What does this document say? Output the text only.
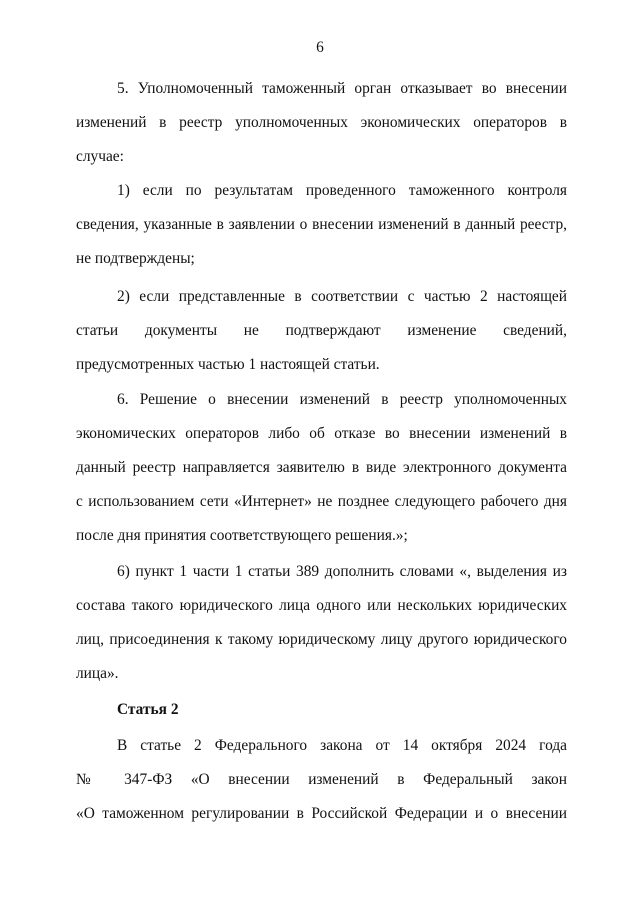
6
5. Уполномоченный таможенный орган отказывает во внесении
изменений в реестр уполномоченных экономических операторов в
случае:
1) если по результатам проведенного таможенного контроля
сведения, указанные в заявлении о внесении изменений в данный реестр,
не подтверждены;
2) если представленные в соответствии с частью 2 настоящей
статьи документы не подтверждают изменение сведений,
предусмотренных частью 1 настоящей статьи.
6. Решение о внесении изменений в реестр уполномоченных
экономических операторов либо об отказе во внесении изменений в
данный реестр направляется заявителю в виде электронного документа
с использованием сети «Интернет» не позднее следующего рабочего дня
после дня принятия соответствующего решения.»;
6) пункт 1 части 1 статьи 389 дополнить словами «, выделения из
состава такого юридического лица одного или нескольких юридических
лиц, присоединения к такому юридическому лицу другого юридического
лица».
Статья 2
В статье 2 Федерального закона от 14 октября 2024 года
№ 347-ФЗ «О внесении изменений в Федеральный закон
«О таможенном регулировании в Российской Федерации и о внесении
